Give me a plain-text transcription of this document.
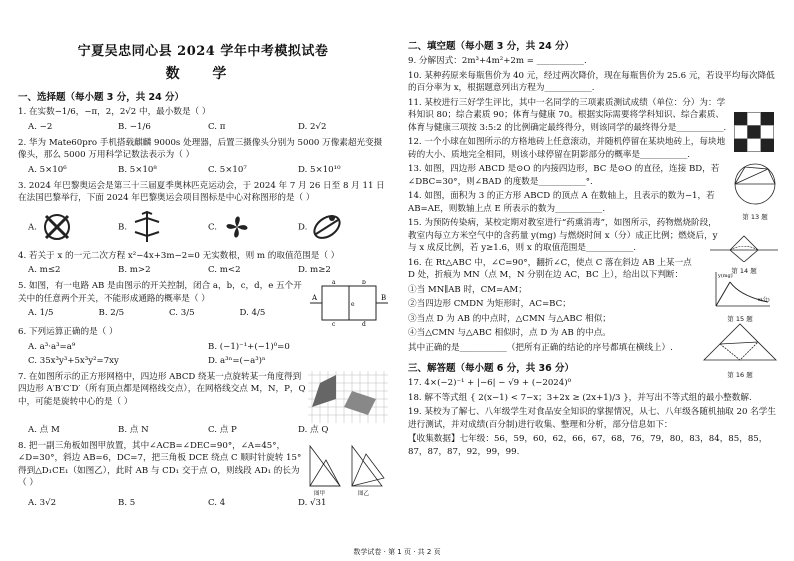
宁夏吴忠同心县 2024 学年中考模拟试卷
数 学
一、选择题（每小题 3 分，共 24 分）
1. 在实数−1/6，−π，2，2√2 中，最小数是（ ）
A. −2	B. −1/6	C. π	D. 2√2
2. 华为 Mate60pro 手机搭载麒麟 9000s 处理器，后置三摄像头分别为 5000 万像素超光变摄像头，那么 5000 万用科学记数法表示为（ ）
A. 5×10⁶	B. 5×10⁸	C. 5×10⁷	D. 5×10¹⁰
3. 2024 年巴黎奥运会是第三十三届夏季奥林匹克运动会，于 2024 年 7 月 26 日至 8 月 11 日在法国巴黎举行，下面 2024 年巴黎奥运会项目图标是中心对称图形的是（ ）
A.	B.	C.	D.
4. 若关于 x 的一元二次方程 x²−4x+3m−2=0 无实数根，则 m 的取值范围是（ ）
A. m≤2	B. m>2	C. m<2	D. m≥2
5. 如图，有一电路 AB 是由图示的开关控制，闭合 a，b，c，d，e 五个开关中的任意两个开关，不能形成通路的概率是（ ）
A. 1/5	B. 2/5	C. 3/5	D. 4/5
A	B
a	b
c	d
e
6. 下列运算正确的是（ ）
A. a³·a³=a⁹	B. (−1)⁻¹+(−1)⁰=0
C. 35x³y³+5x³y²=7xy	D. a³ⁿ=(−a³)ⁿ
7. 在如图所示的正方形网格中，四边形 ABCD 绕某一点旋转某一角度得到四边形 A′B′C′D′（所有顶点都是网格线交点），在网格线交点 M，N，P，Q 中，可能是旋转中心的是（ ）
A. 点 M	B. 点 N	C. 点 P	D. 点 Q
8. 把一副三角板如图甲放置，其中∠ACB=∠DEC=90°，∠A=45°，∠D=30°，斜边 AB=6，DC=7，把三角板 DCE 绕点 C 顺时针旋转 15°得到△D₁CE₁（如图乙），此时 AB 与 CD₁ 交于点 O，则线段 AD₁ 的长为（ ）
图甲	图乙
A. 3√2	B. 5	C. 4	D. √31
二、填空题（每小题 3 分，共 24 分）
9. 分解因式：2m³+4m²+2m = ___________.
10. 某种药原来每瓶售价为 40 元，经过两次降价，现在每瓶售价为 25.6 元，若设平均每次降低的百分率为 x，根据题意列出方程为___________.
11. 某校进行三好学生评比，其中一名同学的三项素质测试成绩（单位：分）为：学科知识 80；综合素质 90；体育与健康 70。根据实际需要将学科知识、综合素质、体育与健康三项按 3:5:2 的比例确定最终得分，则该同学的最终得分是___________.
12. 一个小球在如图所示的方格地砖上任意滚动，并随机停留在某块地砖上，每块地砖的大小、质地完全相同，则该小球停留在阴影部分的概率是___________.
13. 如图，四边形 ABCD 是⊙O 的内接四边形，BC 是⊙O 的直径，连接 BD，若∠DBC=30°，则∠BAD 的度数是___________°.
14. 如图，面积为 3 的正方形 ABCD 的顶点 A 在数轴上，且表示的数为−1，若 AB=AE，则数轴上点 E 所表示的数为___________.
15. 为预防传染病，某校定期对教室进行“药熏消毒”，如图所示，药物燃烧阶段，教室内每立方米空气中的含药量 y(mg) 与燃烧时间 x（分）成正比例；燃烧后，y 与 x 成反比例，若 y≥1.6，则 x 的取值范围是___________.
16. 在 Rt△ABC 中，∠C=90°，翻折∠C，使点 C 落在斜边 AB 上某一点 D 处，折痕为 MN（点 M，N 分别在边 AC，BC 上），给出以下判断：
①当 MN∥AB 时，CM=AM；
②当四边形 CMDN 为矩形时，AC=BC；
③当点 D 为 AB 的中点时，△CMN 与△ABC 相似；
④当△CMN 与△ABC 相似时，点 D 为 AB 的中点。
其中正确的是___________（把所有正确的结论的序号都填在横线上）.
三、解答题（每小题 6 分，共 36 分）
17. 4×(−2)⁻¹ + |−6| − √9 + (−2024)⁰
18. 解不等式组 { 2(x−1) < 7−x；3+2x ≥ (2x+1)/3 }，并写出不等式组的最小整数解.
19. 某校为了解七、八年级学生对食品安全知识的掌握情况，从七、八年级各随机抽取 20 名学生进行测试，并对成绩(百分制)进行收集、整理和分析，部分信息如下：
【收集数据】七年级：56，59，60，62，66，67，68，76，79，80，83，84，85，85，87，87，87，92，99，99.
第 13 题
第 14 题
y(mg)
x(分)
第 15 题
第 16 题
数学试卷 · 第 1 页 · 共 2 页
